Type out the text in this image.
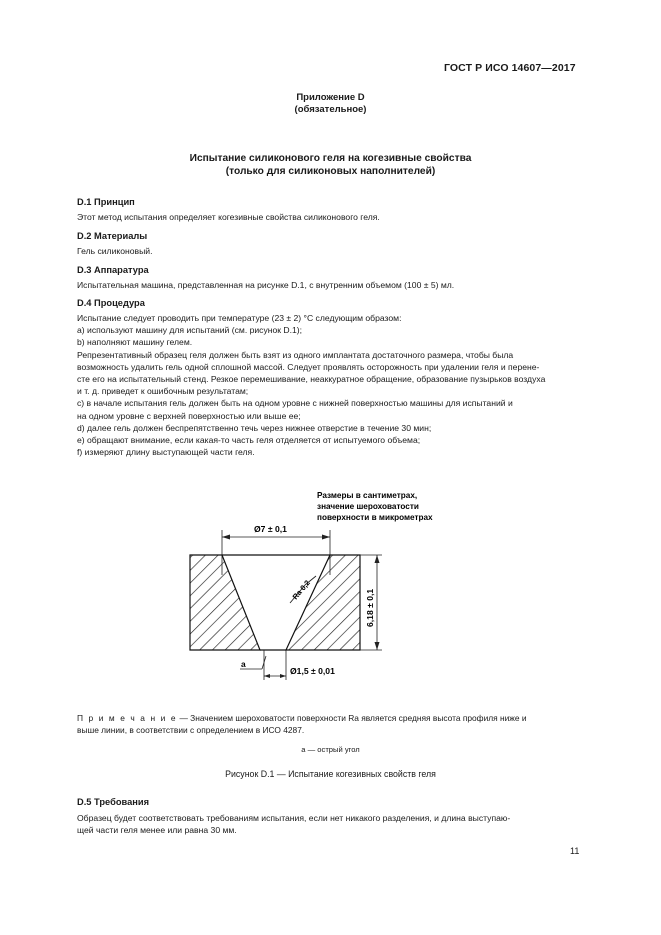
ГОСТ Р ИСО 14607—2017
Приложение D
(обязательное)
Испытание силиконового геля на когезивные свойства
(только для силиконовых наполнителей)
D.1 Принцип
Этот метод испытания определяет когезивные свойства силиконового геля.
D.2 Материалы
Гель силиконовый.
D.3 Аппаратура
Испытательная машина, представленная на рисунке D.1, с внутренним объемом (100 ± 5) мл.
D.4 Процедура
Испытание следует проводить при температуре (23 ± 2) °C следующим образом:
a) используют машину для испытаний (см. рисунок D.1);
b) наполняют машину гелем.
Репрезентативный образец геля должен быть взят из одного имплантата достаточного размера, чтобы была
возможность удалить гель одной сплошной массой. Следует проявлять осторожность при удалении геля и перене-
сте его на испытательный стенд. Резкое перемешивание, неаккуратное обращение, образование пузырьков воздуха
и т. д. приведет к ошибочным результатам;
c) в начале испытания гель должен быть на одном уровне с нижней поверхностью машины для испытаний и
на одном уровне с верхней поверхностью или выше ее;
d) далее гель должен беспрепятственно течь через нижнее отверстие в течение 30 мин;
e) обращают внимание, если какая-то часть геля отделяется от испытуемого объема;
f) измеряют длину выступающей части геля.
Размеры в сантиметрах,
значение шероховатости
поверхности в микрометрах
Ø7 ± 0,1
Ra 0,2	6,18 ± 0,1
Ø1,5 ± 0,01
a
П р и м е ч а н и е — Значением шероховатости поверхности Ra является средняя высота профиля ниже и
выше линии, в соответствии с определением в ИСО 4287.
a — острый угол
Рисунок D.1 — Испытание когезивных свойств геля
D.5 Требования
Образец будет соответствовать требованиям испытания, если нет никакого разделения, и длина выступаю-
щей части геля менее или равна 30 мм.
11
